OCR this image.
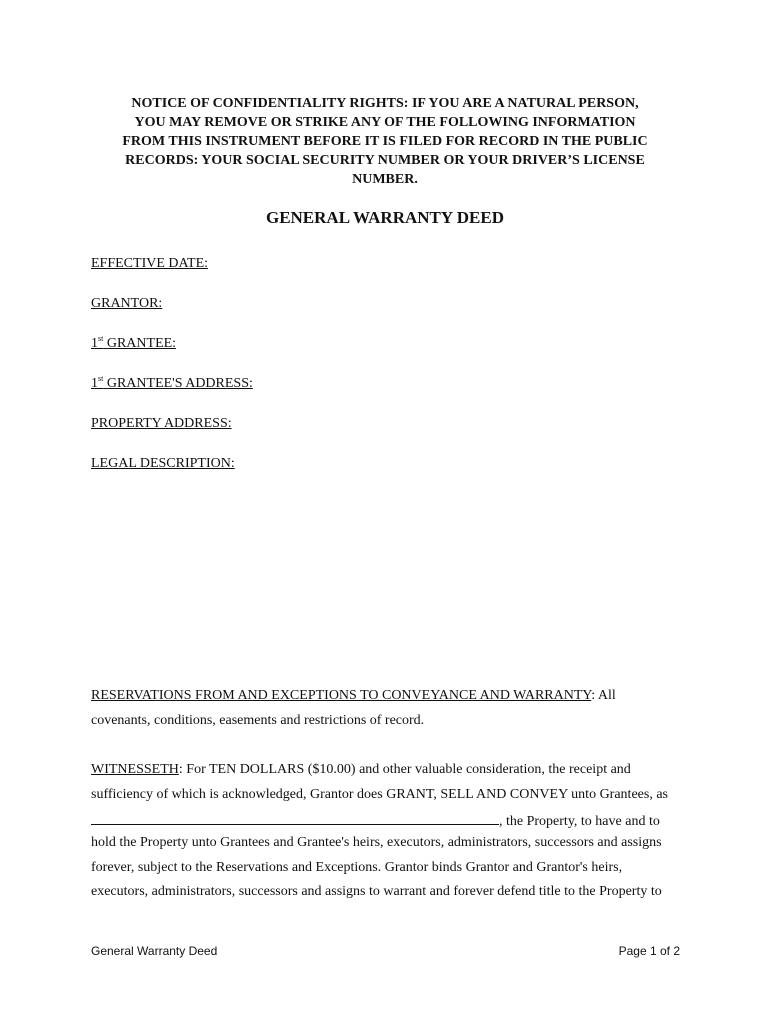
NOTICE OF CONFIDENTIALITY RIGHTS: IF YOU ARE A NATURAL PERSON,
YOU MAY REMOVE OR STRIKE ANY OF THE FOLLOWING INFORMATION
FROM THIS INSTRUMENT BEFORE IT IS FILED FOR RECORD IN THE PUBLIC
RECORDS: YOUR SOCIAL SECURITY NUMBER OR YOUR DRIVER’S LICENSE
NUMBER.
GENERAL WARRANTY DEED
EFFECTIVE DATE:
GRANTOR:
1st GRANTEE:
1st GRANTEE'S ADDRESS:
PROPERTY ADDRESS:
LEGAL DESCRIPTION:
RESERVATIONS FROM AND EXCEPTIONS TO CONVEYANCE AND WARRANTY: All
covenants, conditions, easements and restrictions of record.
WITNESSETH: For TEN DOLLARS ($10.00) and other valuable consideration, the receipt and
sufficiency of which is acknowledged, Grantor does GRANT, SELL AND CONVEY unto Grantees, as
, the Property, to have and to
hold the Property unto Grantees and Grantee's heirs, executors, administrators, successors and assigns
forever, subject to the Reservations and Exceptions. Grantor binds Grantor and Grantor's heirs,
executors, administrators, successors and assigns to warrant and forever defend title to the Property to
General Warranty Deed	Page 1 of 2
